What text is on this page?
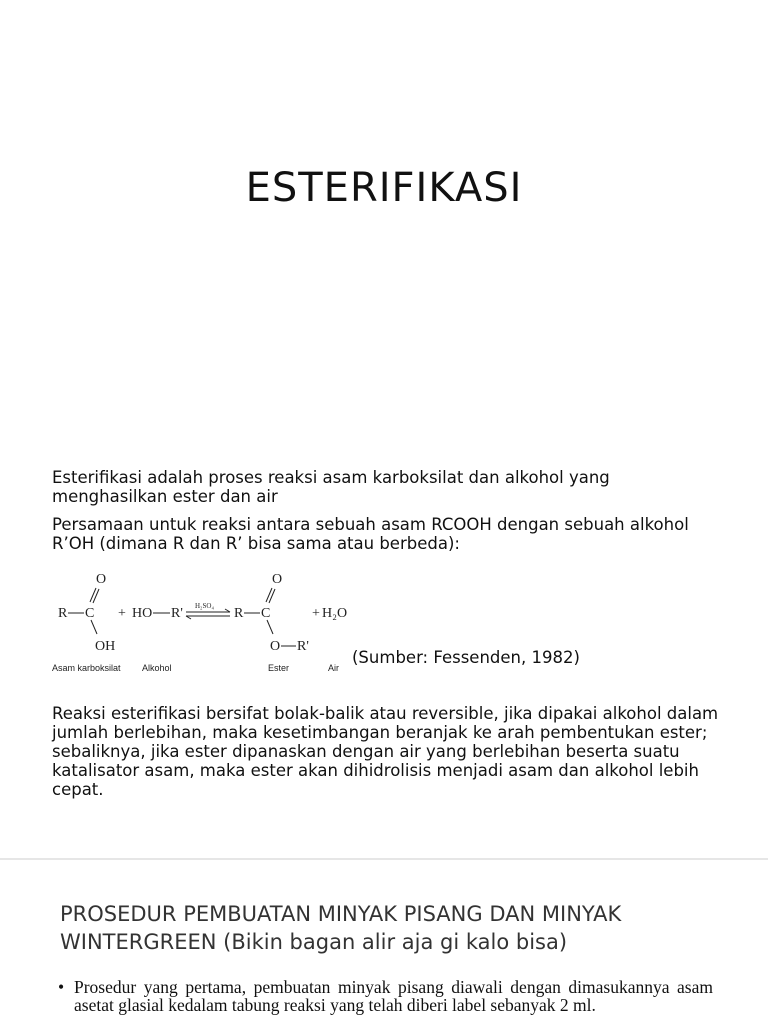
ESTERIFIKASI
Esterifikasi adalah proses reaksi asam karboksilat dan alkohol yang menghasilkan ester dan air
Persamaan untuk reaksi antara sebuah asam RCOOH dengan sebuah alkohol R’OH (dimana R dan R’ bisa sama atau berbeda):
R C
O
OH
Asam karboksilat
+ HO R'
Alkohol
H₂SO₄ R C
O
O R'
Ester
+ H₂O
Air
(Sumber: Fessenden, 1982)
Reaksi esterifikasi bersifat bolak-balik atau reversible, jika dipakai alkohol dalam jumlah berlebihan, maka kesetimbangan beranjak ke arah pembentukan ester; sebaliknya, jika ester dipanaskan dengan air yang berlebihan beserta suatu katalisator asam, maka ester akan dihidrolisis menjadi asam dan alkohol lebih cepat.
PROSEDUR PEMBUATAN MINYAK PISANG DAN MINYAK WINTERGREEN (Bikin bagan alir aja gi kalo bisa)
• Prosedur yang pertama, pembuatan minyak pisang diawali dengan dimasukannya asam asetat glasial kedalam tabung reaksi yang telah diberi label sebanyak 2 ml.
